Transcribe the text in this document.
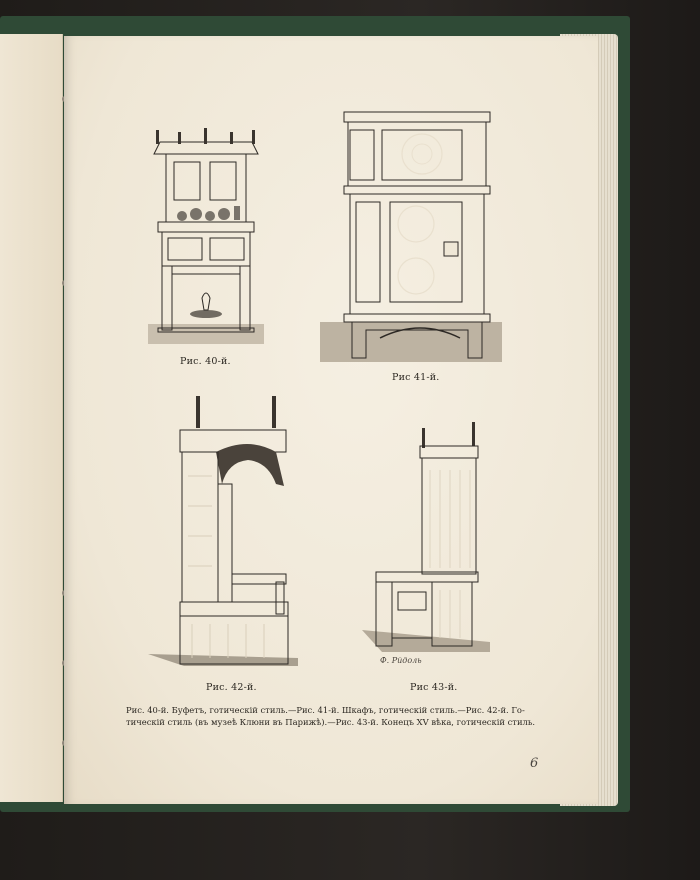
Рис. 40-й.
Рис 41-й.
Рис. 42-й.
Ф. Рйдоль
Рис 43-й.
Рис. 40-й. Буфетъ, готическій стиль.—Рис. 41-й. Шкафъ, готическій стиль.—Рис. 42-й. Го-
тическій стиль (въ музеѣ Клюни въ Парижѣ).—Рис. 43-й. Конецъ XV вѣка, готическій стиль.
6
